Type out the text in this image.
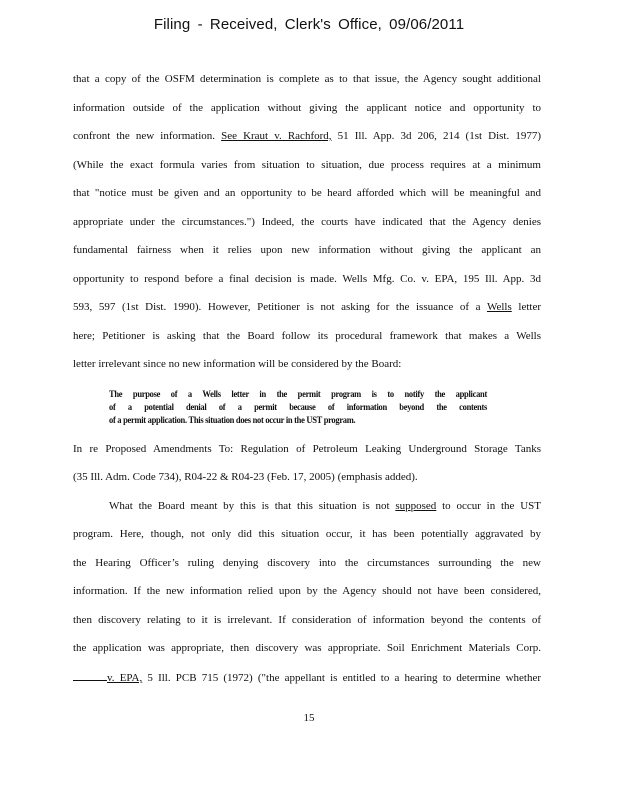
Filing - Received, Clerk's Office, 09/06/2011
that a copy of the OSFM determination is complete as to that issue, the Agency sought additional
information outside of the application without giving the applicant notice and opportunity to
confront the new information. See Kraut v. Rachford, 51 Ill. App. 3d 206, 214 (1st Dist. 1977)
(While the exact formula varies from situation to situation, due process requires at a minimum
that "notice must be given and an opportunity to be heard afforded which will be meaningful and
appropriate under the circumstances.") Indeed, the courts have indicated that the Agency denies
fundamental fairness when it relies upon new information without giving the applicant an
opportunity to respond before a final decision is made. Wells Mfg. Co. v. EPA, 195 Ill. App. 3d
593, 597 (1st Dist. 1990). However, Petitioner is not asking for the issuance of a Wells letter
here; Petitioner is asking that the Board follow its procedural framework that makes a Wells
letter irrelevant since no new information will be considered by the Board:
The purpose of a Wells letter in the permit program is to notify the applicant
of a potential denial of a permit because of information beyond the contents
of a permit application. This situation does not occur in the UST program.
In re Proposed Amendments To: Regulation of Petroleum Leaking Underground Storage Tanks
(35 Ill. Adm. Code 734), R04-22 & R04-23 (Feb. 17, 2005) (emphasis added).
What the Board meant by this is that this situation is not supposed to occur in the UST
program. Here, though, not only did this situation occur, it has been potentially aggravated by
the Hearing Officer’s ruling denying discovery into the circumstances surrounding the new
information. If the new information relied upon by the Agency should not have been considered,
then discovery relating to it is irrelevant. If consideration of information beyond the contents of
the application was appropriate, then discovery was appropriate. Soil Enrichment Materials Corp.
v. EPA, 5 Ill. PCB 715 (1972) ("the appellant is entitled to a hearing to determine whether
15
